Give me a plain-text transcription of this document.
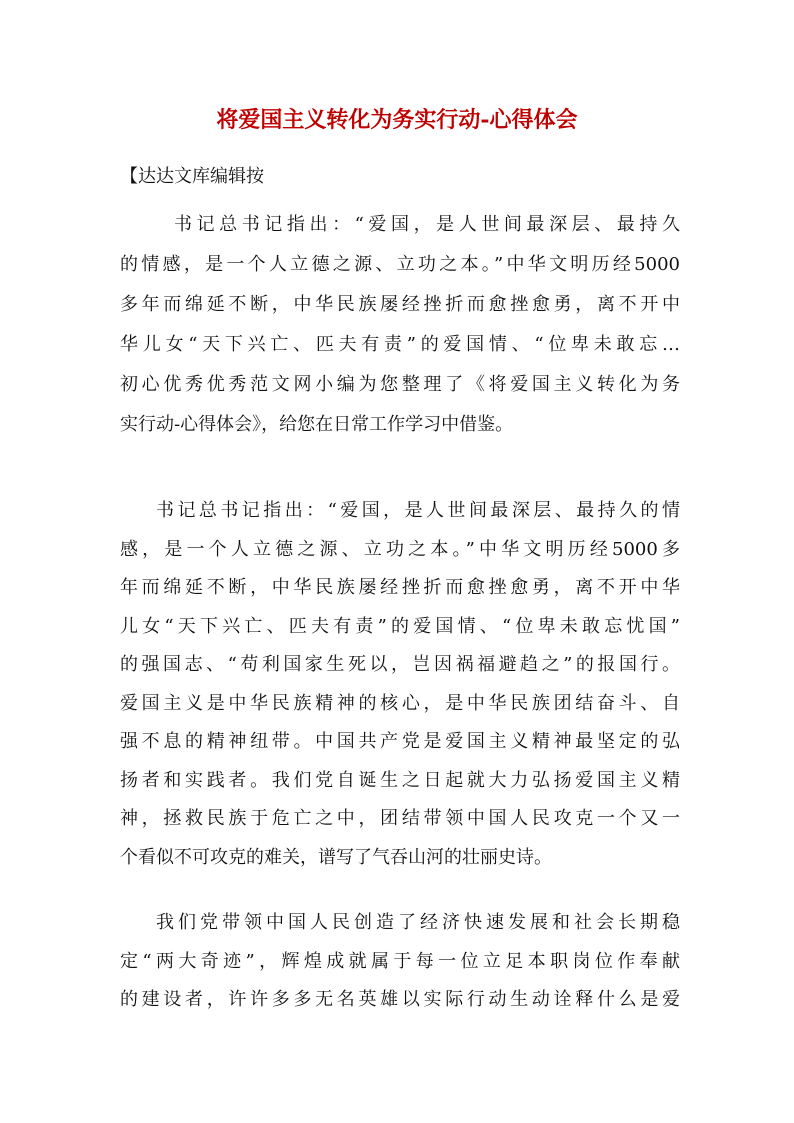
将爱国主义转化为务实行动-心得体会
【达达文库编辑按
书记总书记指出：“爱国，是人世间最深层、最持久
的情感，是一个人立德之源、立功之本。”中华文明历经5000
多年而绵延不断，中华民族屡经挫折而愈挫愈勇，离不开中
华儿女“天下兴亡、匹夫有责”的爱国情、“位卑未敢忘…
初心优秀优秀范文网小编为您整理了《将爱国主义转化为务
实行动-心得体会》，给您在日常工作学习中借鉴。
书记总书记指出：“爱国，是人世间最深层、最持久的情
感，是一个人立德之源、立功之本。”中华文明历经5000多
年而绵延不断，中华民族屡经挫折而愈挫愈勇，离不开中华
儿女“天下兴亡、匹夫有责”的爱国情、“位卑未敢忘忧国”
的强国志、“苟利国家生死以，岂因祸福避趋之”的报国行。
爱国主义是中华民族精神的核心，是中华民族团结奋斗、自
强不息的精神纽带。中国共产党是爱国主义精神最坚定的弘
扬者和实践者。我们党自诞生之日起就大力弘扬爱国主义精
神，拯救民族于危亡之中，团结带领中国人民攻克一个又一
个看似不可攻克的难关，谱写了气吞山河的壮丽史诗。
我们党带领中国人民创造了经济快速发展和社会长期稳
定“两大奇迹”，辉煌成就属于每一位立足本职岗位作奉献
的建设者，许许多多无名英雄以实际行动生动诠释什么是爱
